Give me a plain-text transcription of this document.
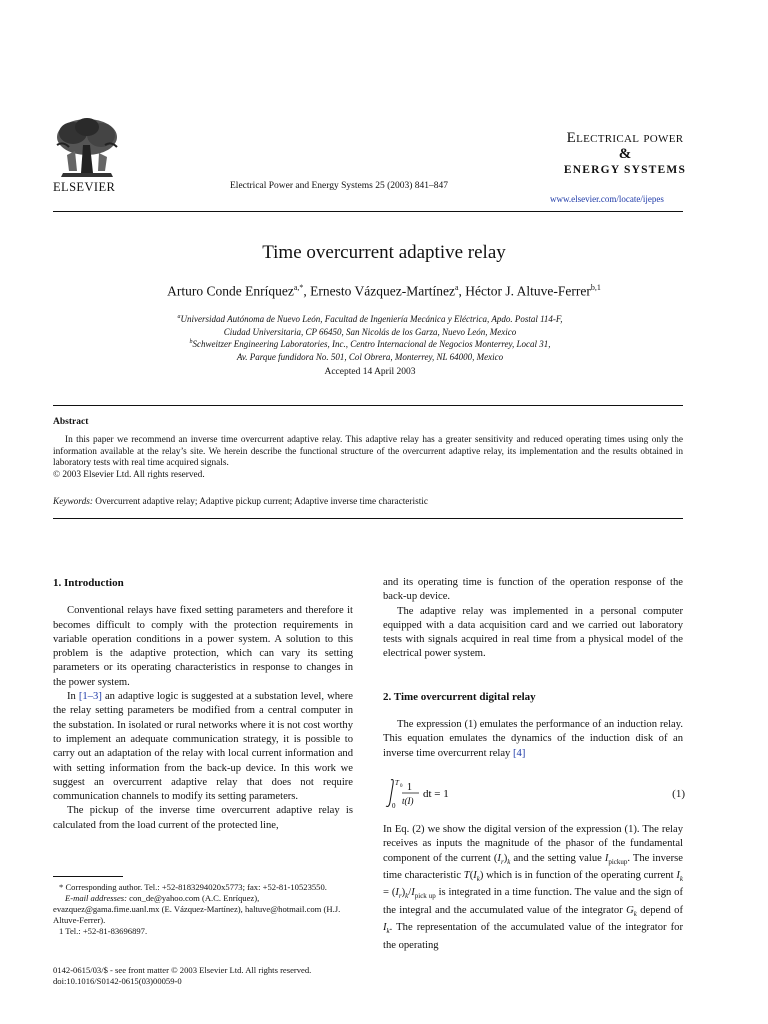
ELSEVIER	Electrical Power and Energy Systems 25 (2003) 841–847
Electrical power
&
ENERGY SYSTEMS
www.elsevier.com/locate/ijepes
Time overcurrent adaptive relay
Arturo Conde Enríquez$^{a,*}$, Ernesto Vázquez-Martínez$^a$, Héctor J. Altuve-Ferrer$^{b,1}$
$^a$Universidad Autónoma de Nuevo León, Facultad de Ingeniería Mecánica y Eléctrica, Apdo. Postal 114-F,
Ciudad Universitaria, CP 66450, San Nicolás de los Garza, Nuevo León, Mexico
$^b$Schweitzer Engineering Laboratories, Inc., Centro Internacional de Negocios Monterrey, Local 31,
Av. Parque fundidora No. 501, Col Obrera, Monterrey, NL 64000, Mexico
Accepted 14 April 2003
Abstract

In this paper we recommend an inverse time overcurrent adaptive relay. This adaptive relay has a greater sensitivity and reduced operating times using only the information available at the relay’s site. We herein describe the functional structure of the overcurrent adaptive relay, its implementation and the results obtained in laboratory tests with real time acquired signals.

© 2003 Elsevier Ltd. All rights reserved.

Keywords: Overcurrent adaptive relay; Adaptive pickup current; Adaptive inverse time characteristic

1. Introduction

Conventional relays have fixed setting parameters and therefore it becomes difficult to comply with the protection requirements in variable operation conditions in a power system. A solution to this problem is the adaptive protection, which can vary its setting parameters or its operating characteristics in response to changes in the power system.

In [1–3] an adaptive logic is suggested at a substation level, where the relay setting parameters be modified from a central computer in the substation. In isolated or rural networks where it is not cost worthy to implement an adequate communication strategy, it is possible to carry out an adaptation of the relay with local current information and with setting information from the back-up device. In this work we suggest an overcurrent adaptive relay that does not require communication channels to modify its setting parameters.

The pickup of the inverse time overcurrent adaptive relay is calculated from the load current of the protected line,

* Corresponding author. Tel.: +52-8183294020x5773; fax: +52-81-10523550.

E-mail addresses: con_de@yahoo.com (A.C. Enríquez), evazquez@gama.fime.uanl.mx (E. Vázquez-Martínez), haltuve@hotmail.com (H.J. Altuve-Ferrer).

1 Tel.: +52-81-83696897.

0142-0615/03/$ - see front matter © 2003 Elsevier Ltd. All rights reserved.

doi:10.1016/S0142-0615(03)00059-0

and its operating time is function of the operation response of the back-up device.

The adaptive relay was implemented in a personal computer equipped with a data acquisition card and we carried out laboratory tests with signals acquired in real time from a physical model of the electrical power system.

2. Time overcurrent digital relay

The expression (1) emulates the performance of an induction relay. This equation emulates the dynamics of the induction disk of an inverse time overcurrent relay [4]

T 0
0
1
t(I)
dt = 1	(1)

In Eq. (2) we show the digital version of the expression (1). The relay receives as inputs the magnitude of the phasor of the fundamental component of the current $(I_r)_k$ and the setting value $I_{pickup}$. The inverse time characteristic $T(I_k)$ which is in function of the operating current $I_k = (I_r)_k/I_{pick up}$ is integrated in a time function. The value and the sign of the integral and the accumulated value of the integrator $G_k$ depend of $I_k$. The representation of the accumulated value of the integrator for the operating
